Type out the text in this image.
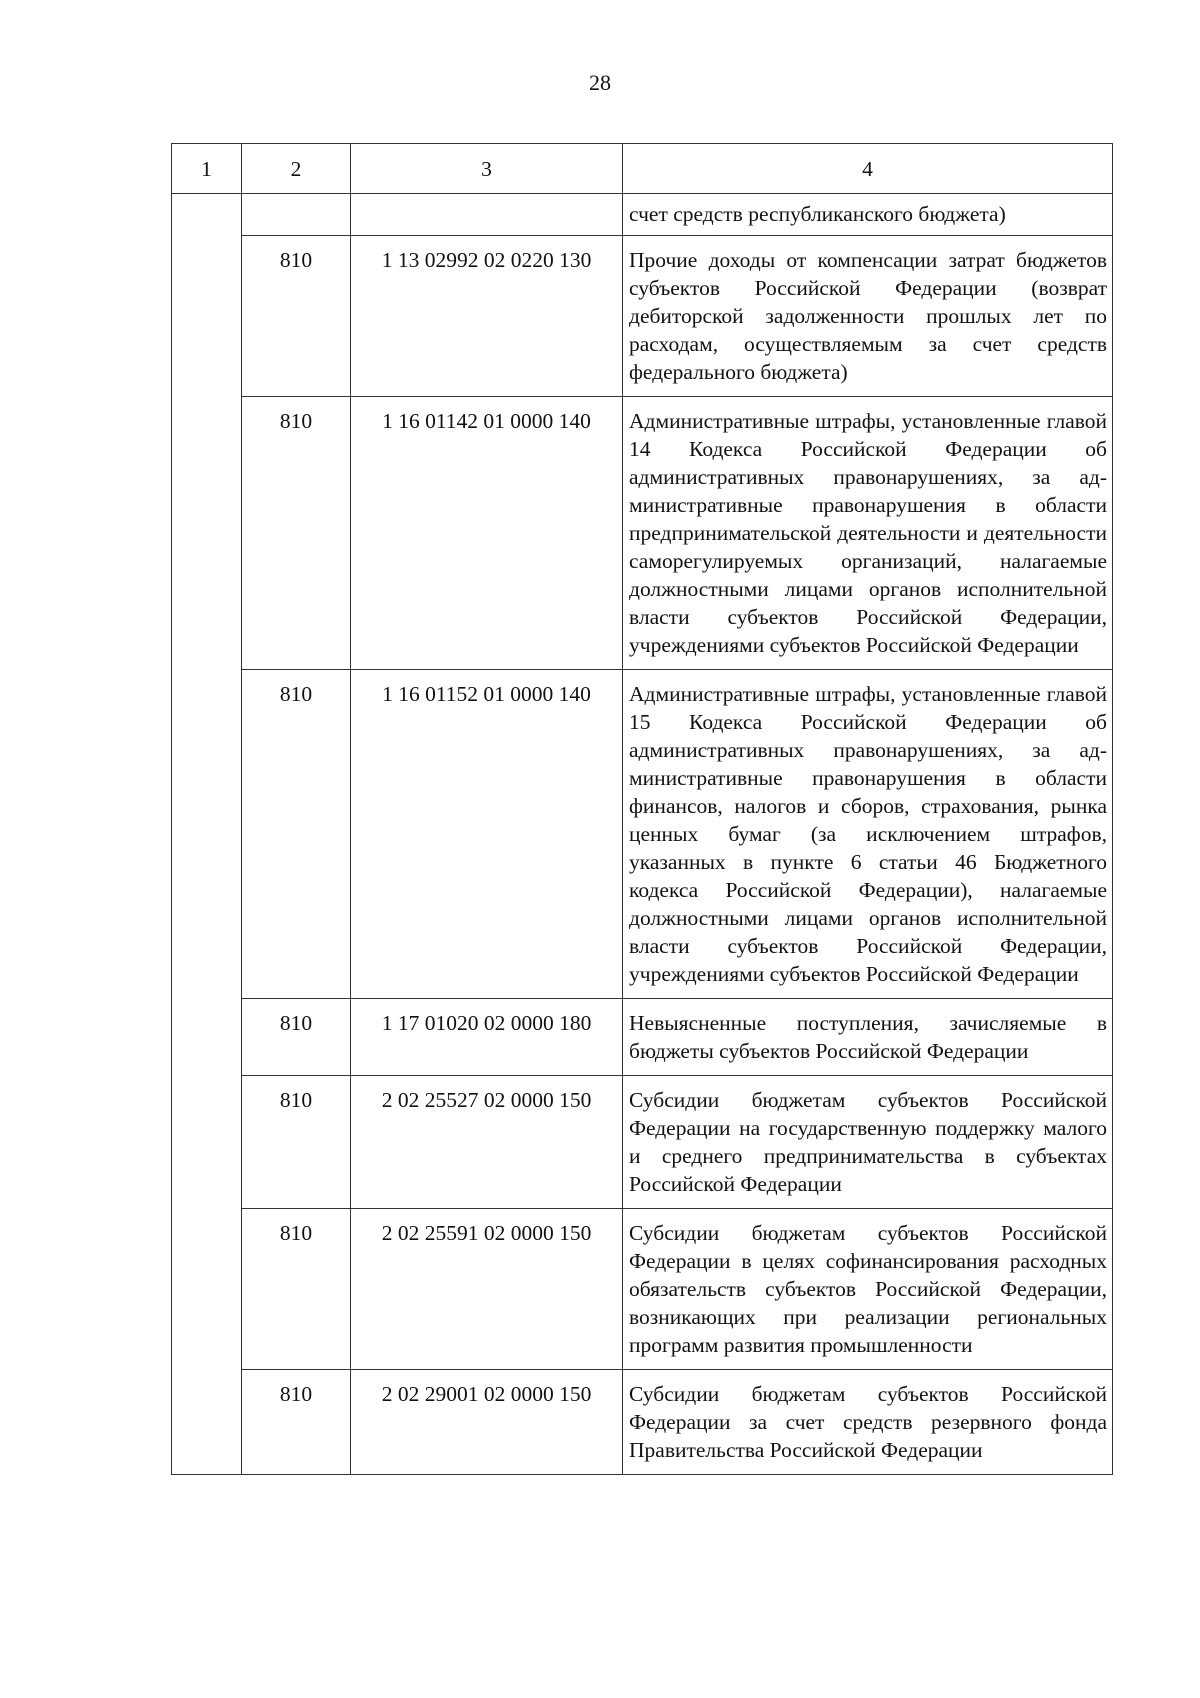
28
1	2	3	4
			счет средств республиканского бюджета)
	810	1 13 02992 02 0220 130	Прочие доходы от компенсации затрат бюджетов субъектов Российской Федерации (возврат дебиторской задолженности прошлых лет по расходам, осуществляемым за счет средств федерального бюджета)
	810	1 16 01142 01 0000 140	Административные штрафы, установленные главой 14 Кодекса Российской Федерации об административных правонарушениях, за административные правонарушения в области предпринимательской деятельности и деятельности саморегулируемых организаций, налагаемые должностными лицами органов исполнительной власти субъектов Российской Федерации, учреждениями субъектов Российской Федерации
	810	1 16 01152 01 0000 140	Административные штрафы, установленные главой 15 Кодекса Российской Федерации об административных правонарушениях, за административные правонарушения в области финансов, налогов и сборов, страхования, рынка ценных бумаг (за исключением штрафов, указанных в пункте 6 статьи 46 Бюджетного кодекса Российской Федерации), налагаемые должностными лицами органов исполнительной власти субъектов Российской Федерации, учреждениями субъектов Российской Федерации
	810	1 17 01020 02 0000 180	Невыясненные поступления, зачисляемые в бюджеты субъектов Российской Федерации
	810	2 02 25527 02 0000 150	Субсидии бюджетам субъектов Российской Федерации на государственную поддержку малого и среднего предпринимательства в субъектах Российской Федерации
	810	2 02 25591 02 0000 150	Субсидии бюджетам субъектов Российской Федерации в целях софинансирования расходных обязательств субъектов Российской Федерации, возникающих при реализации региональных программ развития промышленности
	810	2 02 29001 02 0000 150	Субсидии бюджетам субъектов Российской Федерации за счет средств резервного фонда Правительства Российской Федерации
